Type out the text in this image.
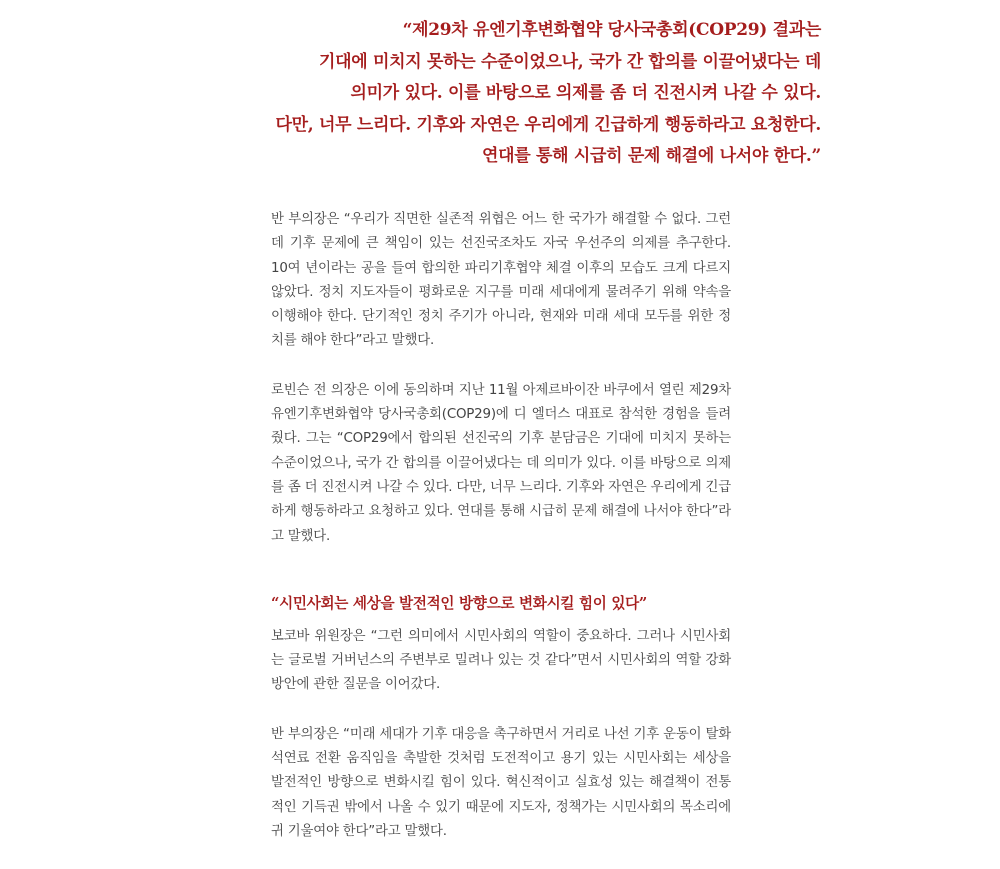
“제29차 유엔기후변화협약 당사국총회(COP29) 결과는
기대에 미치지 못하는 수준이었으나, 국가 간 합의를 이끌어냈다는 데
의미가 있다. 이를 바탕으로 의제를 좀 더 진전시켜 나갈 수 있다.
다만, 너무 느리다. 기후와 자연은 우리에게 긴급하게 행동하라고 요청한다.
연대를 통해 시급히 문제 해결에 나서야 한다.”

반 부의장은 “우리가 직면한 실존적 위협은 어느 한 국가가 해결할 수 없다. 그런데 기후 문제에 큰 책임이 있는 선진국조차도 자국 우선주의 의제를 추구한다. 10여 년이라는 공을 들여 합의한 파리기후협약 체결 이후의 모습도 크게 다르지 않았다. 정치 지도자들이 평화로운 지구를 미래 세대에게 물려주기 위해 약속을 이행해야 한다. 단기적인 정치 주기가 아니라, 현재와 미래 세대 모두를 위한 정치를 해야 한다”라고 말했다.

로빈슨 전 의장은 이에 동의하며 지난 11월 아제르바이잔 바쿠에서 열린 제29차 유엔기후변화협약 당사국총회(COP29)에 디 엘더스 대표로 참석한 경험을 들려줬다. 그는 “COP29에서 합의된 선진국의 기후 분담금은 기대에 미치지 못하는 수준이었으나, 국가 간 합의를 이끌어냈다는 데 의미가 있다. 이를 바탕으로 의제를 좀 더 진전시켜 나갈 수 있다. 다만, 너무 느리다. 기후와 자연은 우리에게 긴급하게 행동하라고 요청하고 있다. 연대를 통해 시급히 문제 해결에 나서야 한다”라고 말했다.

“시민사회는 세상을 발전적인 방향으로 변화시킬 힘이 있다”

보코바 위원장은 “그런 의미에서 시민사회의 역할이 중요하다. 그러나 시민사회는 글로벌 거버넌스의 주변부로 밀려나 있는 것 같다”면서 시민사회의 역할 강화 방안에 관한 질문을 이어갔다.

반 부의장은 “미래 세대가 기후 대응을 촉구하면서 거리로 나선 기후 운동이 탈화석연료 전환 움직임을 촉발한 것처럼 도전적이고 용기 있는 시민사회는 세상을 발전적인 방향으로 변화시킬 힘이 있다. 혁신적이고 실효성 있는 해결책이 전통적인 기득권 밖에서 나올 수 있기 때문에 지도자, 정책가는 시민사회의 목소리에 귀 기울여야 한다”라고 말했다.
